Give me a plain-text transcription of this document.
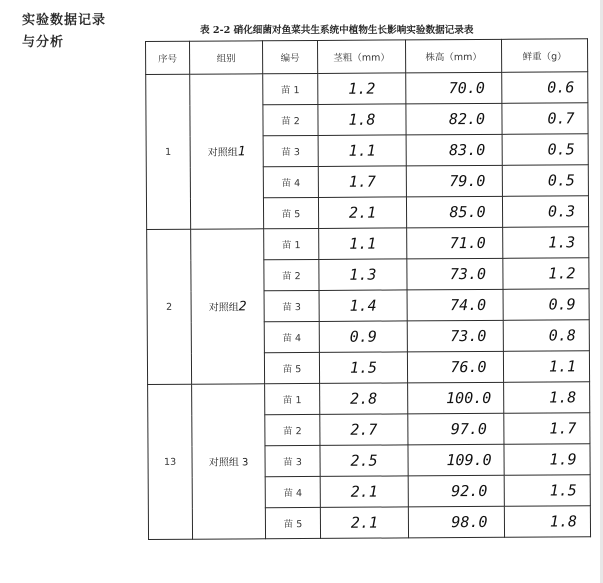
实验数据记录
与分析
表 2-2 硝化细菌对鱼菜共生系统中植物生长影响实验数据记录表
序号	组别	编号	茎粗（mm）	株高（mm）	鲜重（g）
1	对照组1	苗 1	1.2	70.0	0.6
		苗 2	1.8	82.0	0.7
		苗 3	1.1	83.0	0.5
		苗 4	1.7	79.0	0.5
		苗 5	2.1	85.0	0.3
2	对照组2	苗 1	1.1	71.0	1.3
		苗 2	1.3	73.0	1.2
		苗 3	1.4	74.0	0.9
		苗 4	0.9	73.0	0.8
		苗 5	1.5	76.0	1.1
13	对照组 3	苗 1	2.8	100.0	1.8
		苗 2	2.7	97.0	1.7
		苗 3	2.5	109.0	1.9
		苗 4	2.1	92.0	1.5
		苗 5	2.1	98.0	1.8
